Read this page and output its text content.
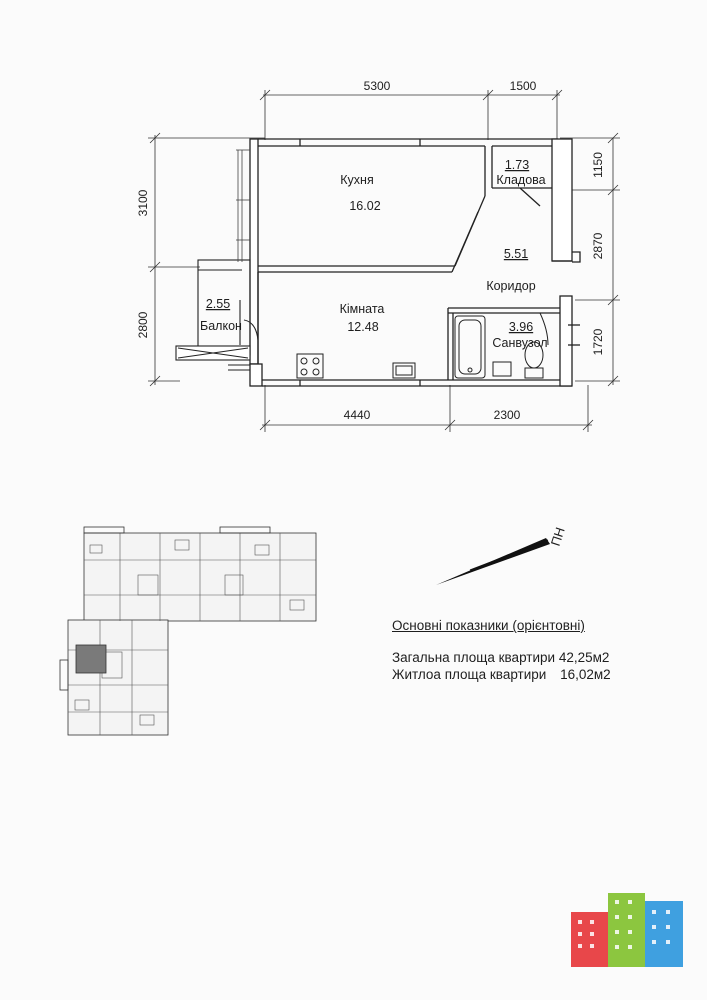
5300	1500
4440	2300
3100
2800
1150
2870
1720
Кухня
16.02
1.73
Кладова
5.51
Коридор
Кімната
12.48
2.55
Балкон	3.96
Санвузол
ПН
Основні показники (орієнтовні)
Загальна площа квартири 42,25м2
Житлоа площа квартири 16,02м2
